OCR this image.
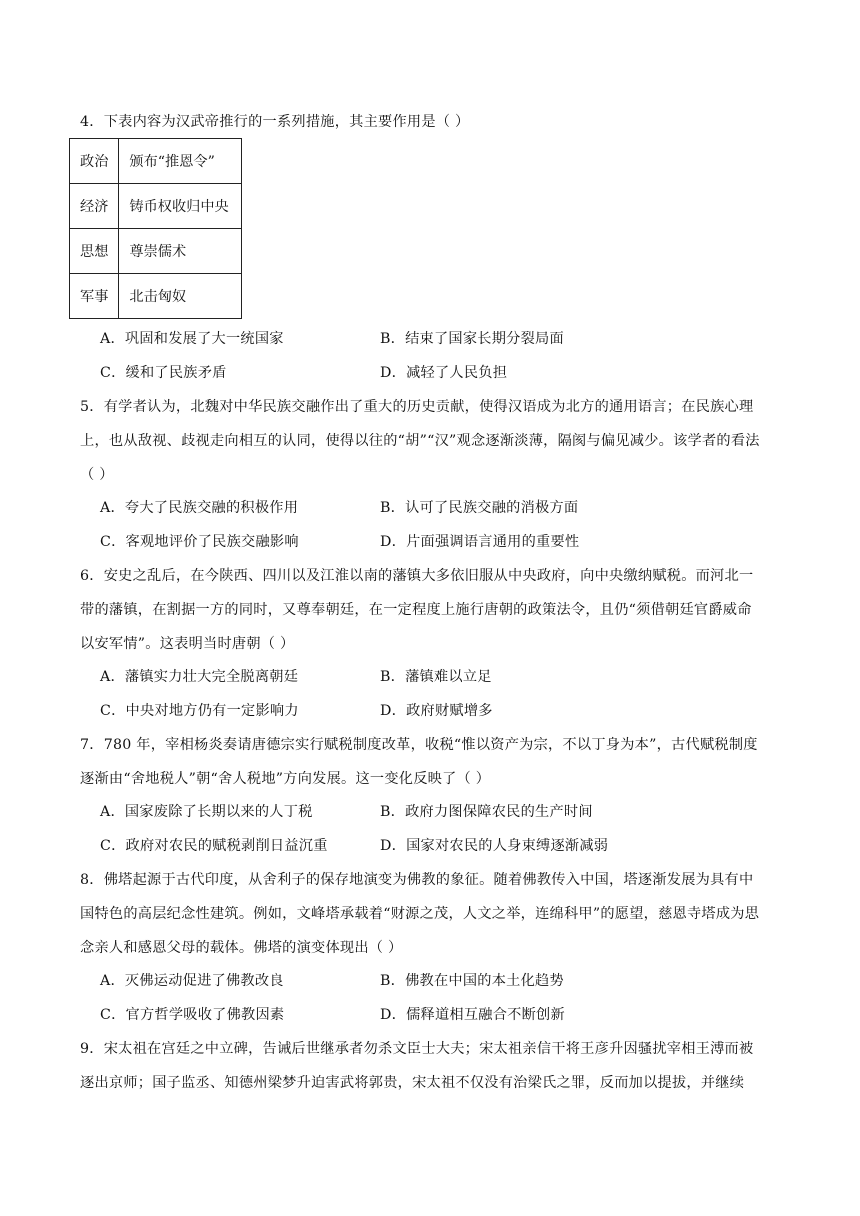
4．下表内容为汉武帝推行的一系列措施，其主要作用是（ ）
政治	颁布“推恩令”
经济	铸币权收归中央
思想	尊崇儒术
军事	北击匈奴
A．巩固和发展了大一统国家	B．结束了国家长期分裂局面
C．缓和了民族矛盾	D．减轻了人民负担
5．有学者认为，北魏对中华民族交融作出了重大的历史贡献，使得汉语成为北方的通用语言；在民族心理
上，也从敌视、歧视走向相互的认同，使得以往的“胡”“汉”观念逐渐淡薄，隔阂与偏见减少。该学者的看法
（ ）
A．夸大了民族交融的积极作用	B．认可了民族交融的消极方面
C．客观地评价了民族交融影响	D．片面强调语言通用的重要性
6．安史之乱后，在今陕西、四川以及江淮以南的藩镇大多依旧服从中央政府，向中央缴纳赋税。而河北一
带的藩镇，在割据一方的同时，又尊奉朝廷，在一定程度上施行唐朝的政策法令，且仍“须借朝廷官爵威命
以安军情”。这表明当时唐朝（ ）
A．藩镇实力壮大完全脱离朝廷	B．藩镇难以立足
C．中央对地方仍有一定影响力	D．政府财赋增多
7．780 年，宰相杨炎奏请唐德宗实行赋税制度改革，收税“惟以资产为宗，不以丁身为本”，古代赋税制度
逐渐由“舍地税人”朝“舍人税地”方向发展。这一变化反映了（ ）
A．国家废除了长期以来的人丁税	B．政府力图保障农民的生产时间
C．政府对农民的赋税剥削日益沉重	D．国家对农民的人身束缚逐渐减弱
8．佛塔起源于古代印度，从舍利子的保存地演变为佛教的象征。随着佛教传入中国，塔逐渐发展为具有中
国特色的高层纪念性建筑。例如，文峰塔承载着“财源之茂，人文之举，连绵科甲”的愿望，慈恩寺塔成为思
念亲人和感恩父母的载体。佛塔的演变体现出（ ）
A．灭佛运动促进了佛教改良	B．佛教在中国的本土化趋势
C．官方哲学吸收了佛教因素	D．儒释道相互融合不断创新
9．宋太祖在宫廷之中立碑，告诫后世继承者勿杀文臣士大夫；宋太祖亲信干将王彦升因骚扰宰相王溥而被
逐出京师；国子监丞、知德州梁梦升迫害武将郭贵，宋太祖不仅没有治梁氏之罪，反而加以提拔，并继续
